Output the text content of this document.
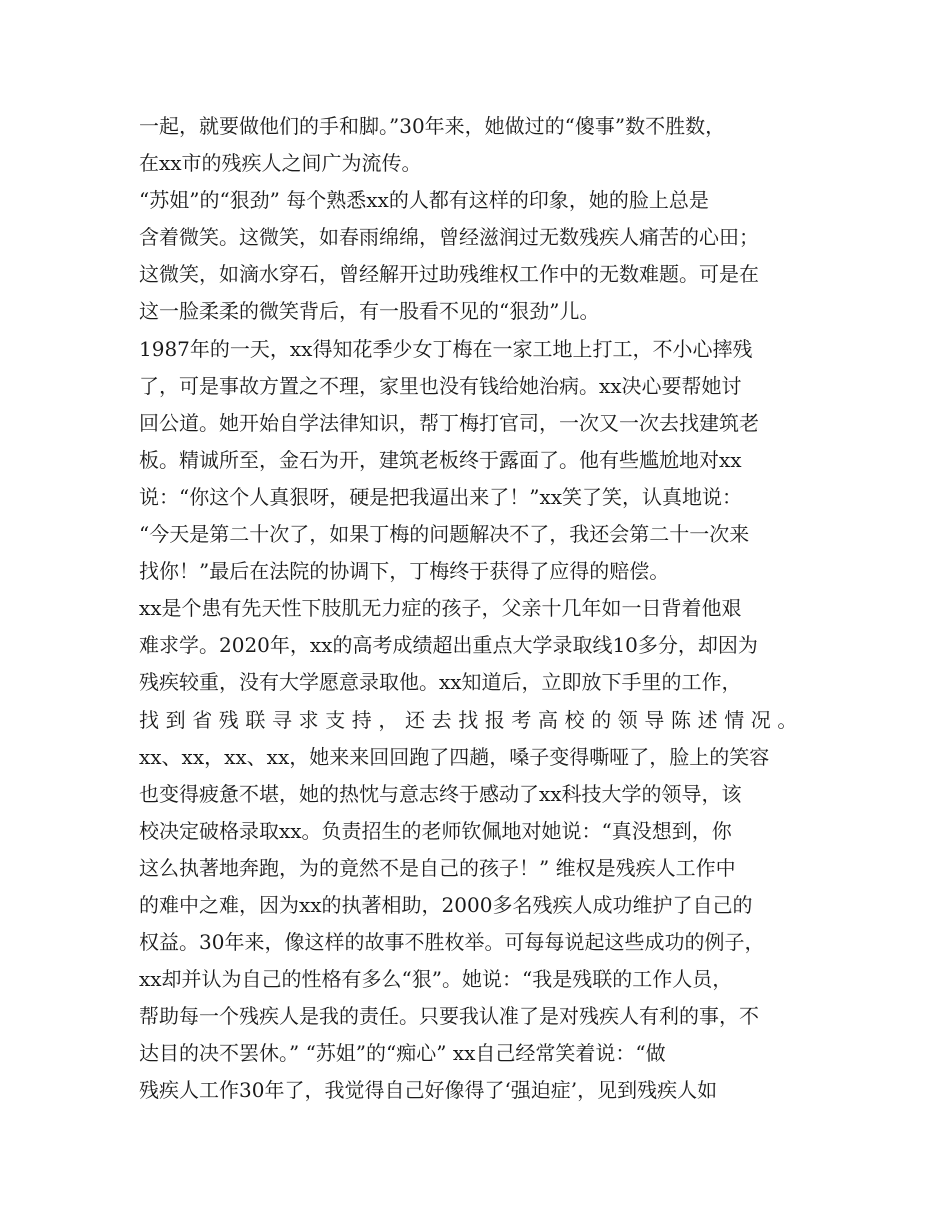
一起，就要做他们的手和脚。”30年来，她做过的“傻事”数不胜数，
在xx市的残疾人之间广为流传。
“苏姐”的“狠劲” 每个熟悉xx的人都有这样的印象，她的脸上总是
含着微笑。这微笑，如春雨绵绵，曾经滋润过无数残疾人痛苦的心田；
这微笑，如滴水穿石，曾经解开过助残维权工作中的无数难题。可是在
这一脸柔柔的微笑背后，有一股看不见的“狠劲”儿。
1987年的一天，xx得知花季少女丁梅在一家工地上打工，不小心摔残
了，可是事故方置之不理，家里也没有钱给她治病。xx决心要帮她讨
回公道。她开始自学法律知识，帮丁梅打官司，一次又一次去找建筑老
板。精诚所至，金石为开，建筑老板终于露面了。他有些尴尬地对xx
说：“你这个人真狠呀，硬是把我逼出来了！”xx笑了笑，认真地说：
“今天是第二十次了，如果丁梅的问题解决不了，我还会第二十一次来
找你！”最后在法院的协调下，丁梅终于获得了应得的赔偿。
xx是个患有先天性下肢肌无力症的孩子，父亲十几年如一日背着他艰
难求学。2020年，xx的高考成绩超出重点大学录取线10多分，却因为
残疾较重，没有大学愿意录取他。xx知道后，立即放下手里的工作，
找到省残联寻求支持，还去找报考高校的领导陈述情况。
xx、xx，xx、xx，她来来回回跑了四趟，嗓子变得嘶哑了，脸上的笑容
也变得疲惫不堪，她的热忱与意志终于感动了xx科技大学的领导，该
校决定破格录取xx。负责招生的老师钦佩地对她说：“真没想到，你
这么执著地奔跑，为的竟然不是自己的孩子！” 维权是残疾人工作中
的难中之难，因为xx的执著相助，2000多名残疾人成功维护了自己的
权益。30年来，像这样的故事不胜枚举。可每每说起这些成功的例子，
xx却并认为自己的性格有多么“狠”。她说：“我是残联的工作人员，
帮助每一个残疾人是我的责任。只要我认准了是对残疾人有利的事，不
达目的决不罢休。” “苏姐”的“痴心” xx自己经常笑着说：“做
残疾人工作30年了，我觉得自己好像得了‘强迫症’，见到残疾人如
